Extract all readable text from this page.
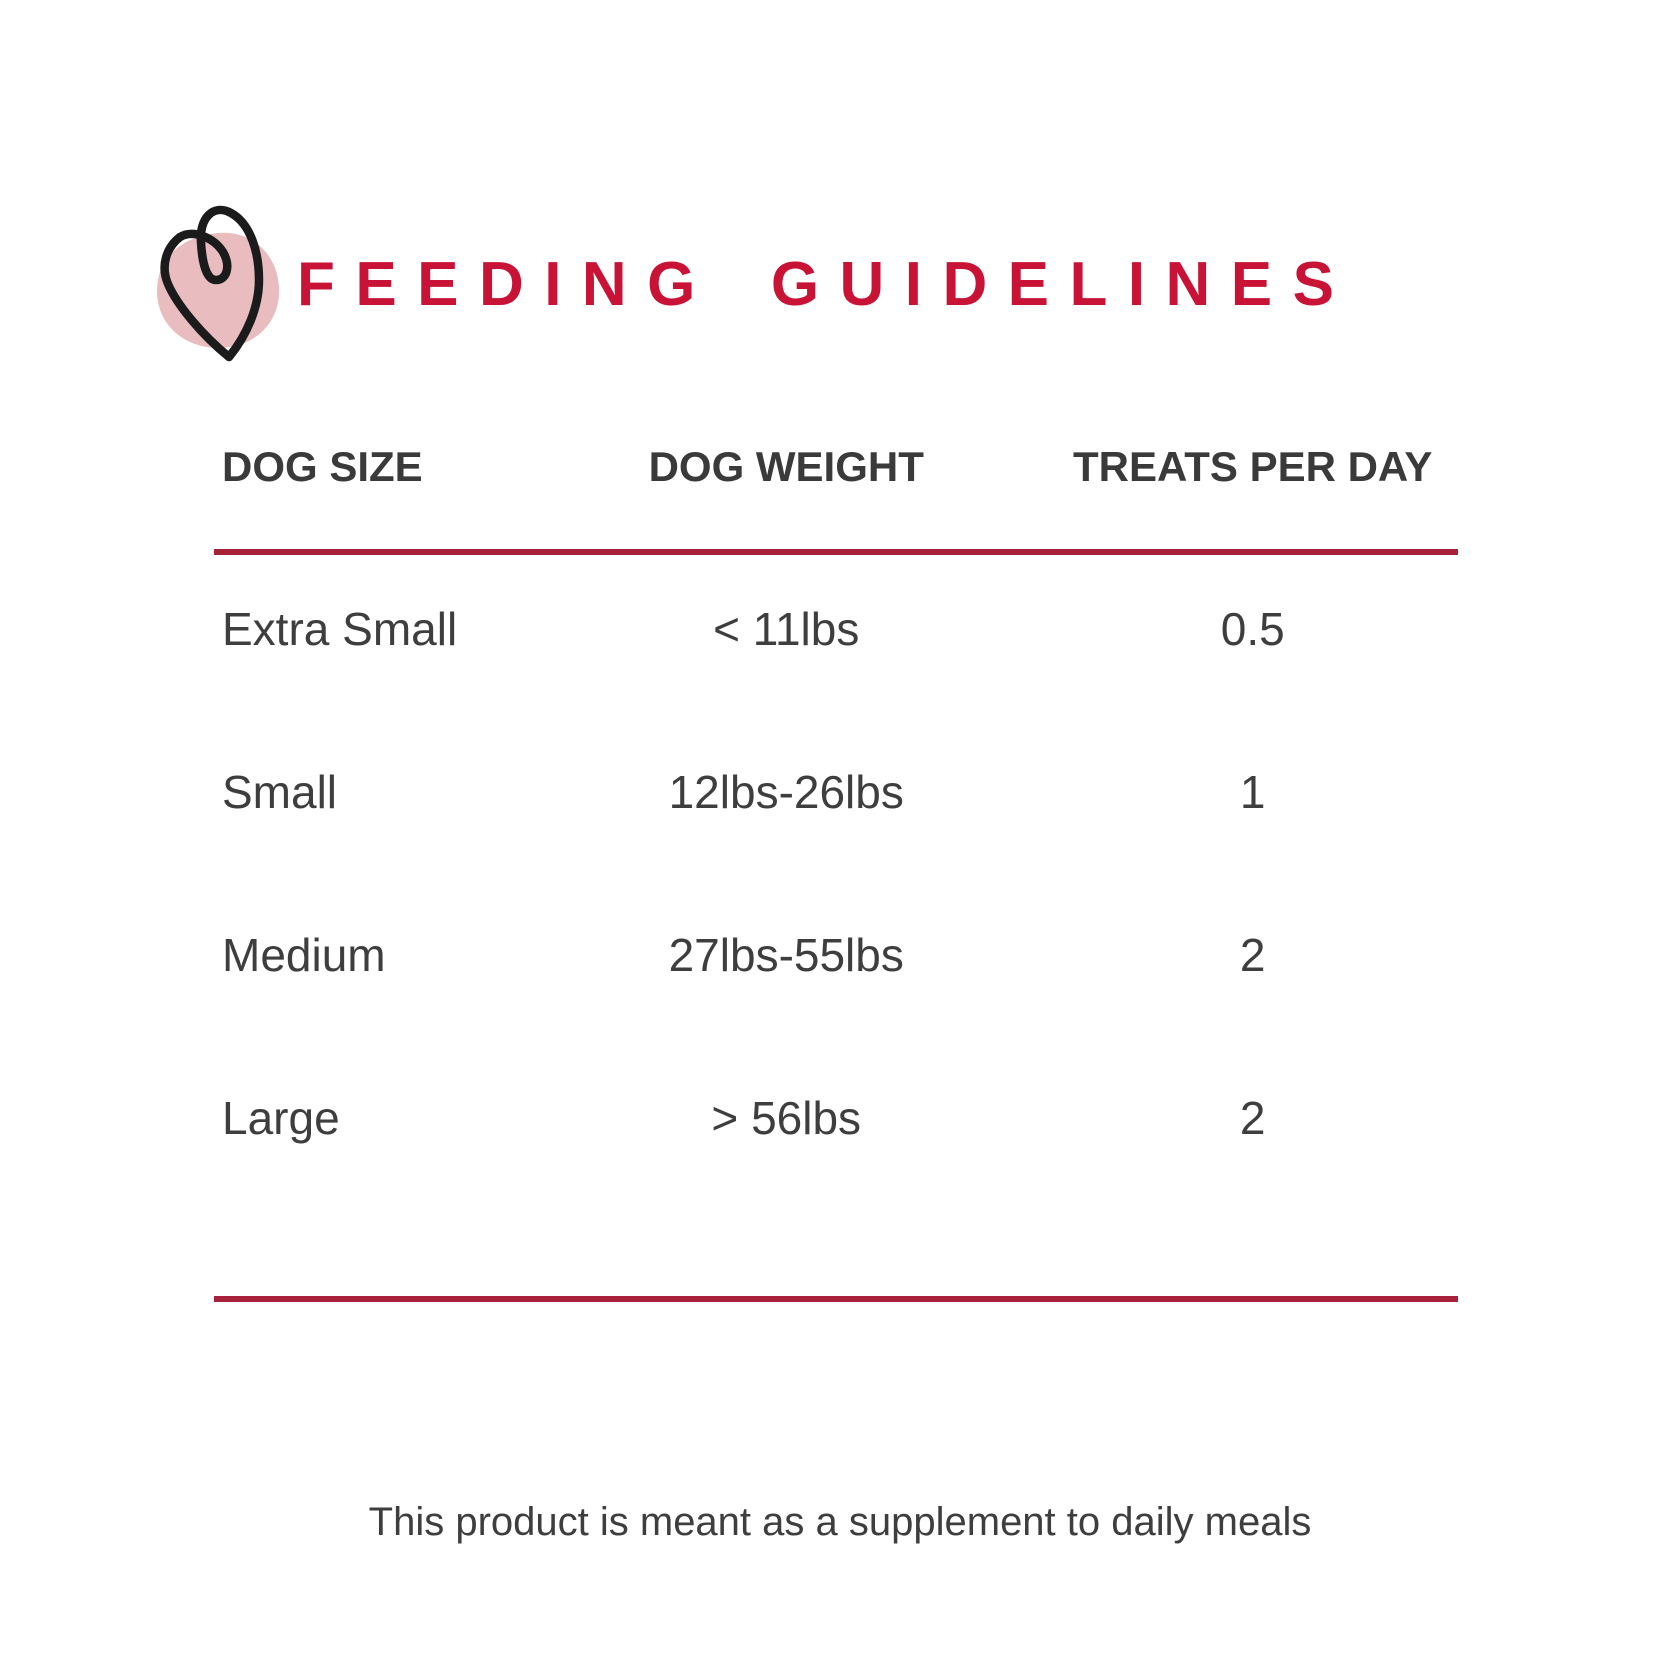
FEEDING GUIDELINES
DOG SIZE	DOG WEIGHT	TREATS PER DAY
Extra Small	< 11lbs	0.5
Small	12lbs-26lbs	1
Medium	27lbs-55lbs	2
Large	> 56lbs	2
This product is meant as a supplement to daily meals
